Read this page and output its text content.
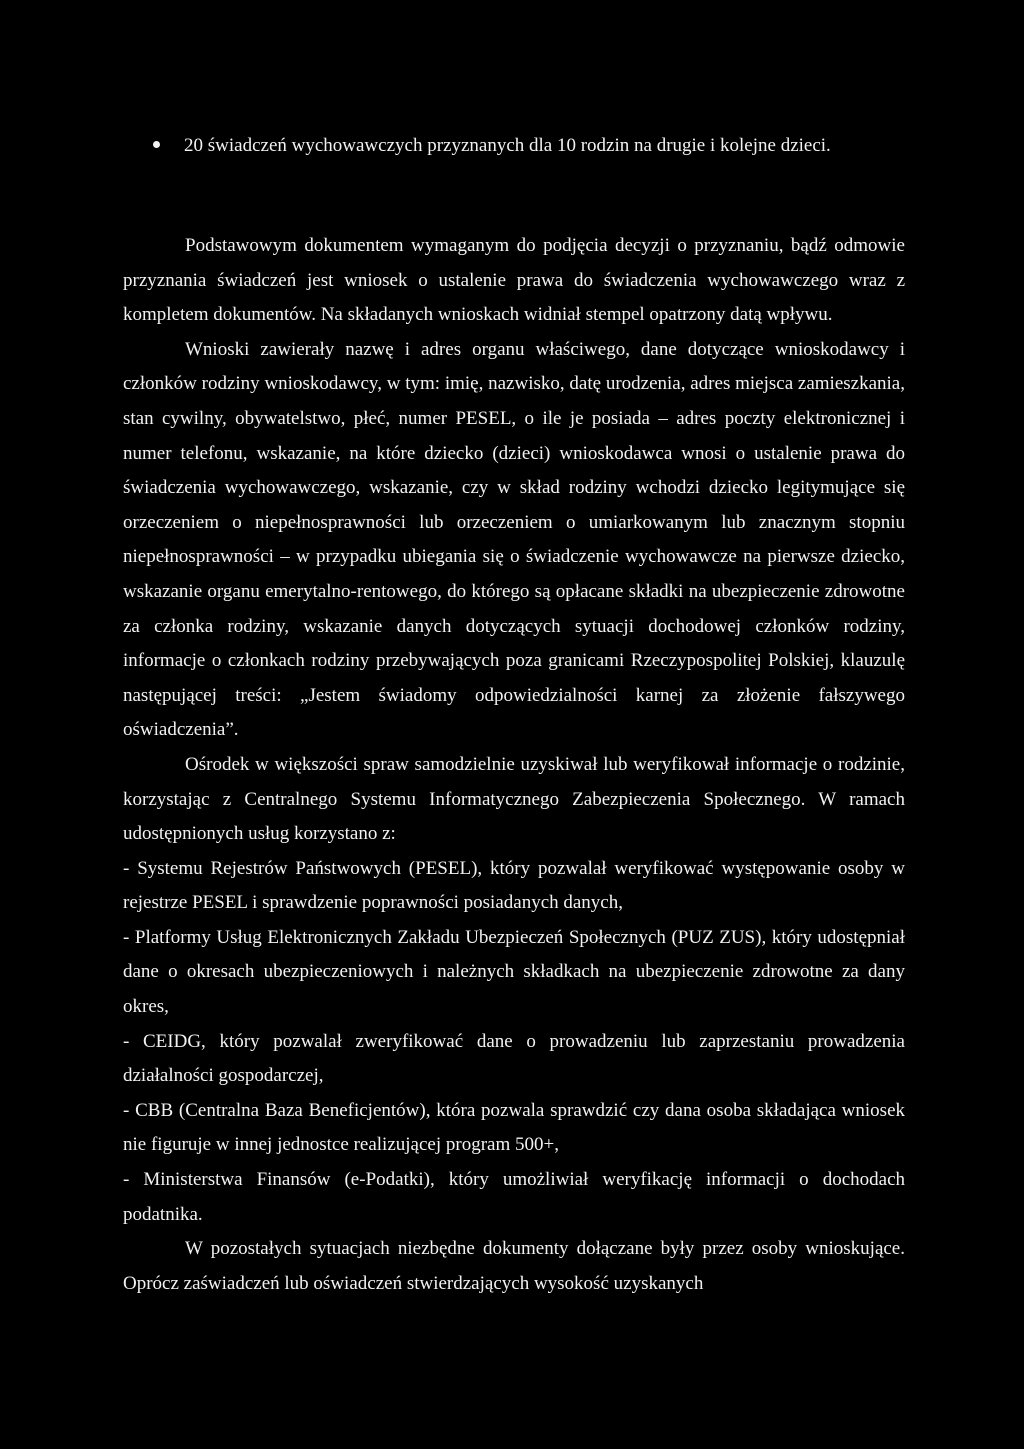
20 świadczeń wychowawczych przyznanych dla 10 rodzin na drugie i kolejne dzieci.

Podstawowym dokumentem wymaganym do podjęcia decyzji o przyznaniu, bądź odmowie przyznania świadczeń jest wniosek o ustalenie prawa do świadczenia wychowawczego wraz z kompletem dokumentów. Na składanych wnioskach widniał stempel opatrzony datą wpływu.

Wnioski zawierały nazwę i adres organu właściwego, dane dotyczące wnioskodawcy i członków rodziny wnioskodawcy, w tym: imię, nazwisko, datę urodzenia, adres miejsca zamieszkania, stan cywilny, obywatelstwo, płeć, numer PESEL, o ile je posiada – adres poczty elektronicznej i numer telefonu, wskazanie, na które dziecko (dzieci) wnioskodawca wnosi o ustalenie prawa do świadczenia wychowawczego, wskazanie, czy w skład rodziny wchodzi dziecko legitymujące się orzeczeniem o niepełnosprawności lub orzeczeniem o umiarkowanym lub znacznym stopniu niepełnosprawności – w przypadku ubiegania się o świadczenie wychowawcze na pierwsze dziecko, wskazanie organu emerytalno-rentowego, do którego są opłacane składki na ubezpieczenie zdrowotne za członka rodziny, wskazanie danych dotyczących sytuacji dochodowej członków rodziny, informacje o członkach rodziny przebywających poza granicami Rzeczypospolitej Polskiej, klauzulę następującej treści: „Jestem świadomy odpowiedzialności karnej za złożenie fałszywego oświadczenia”.

Ośrodek w większości spraw samodzielnie uzyskiwał lub weryfikował informacje o rodzinie, korzystając z Centralnego Systemu Informatycznego Zabezpieczenia Społecznego. W ramach udostępnionych usług korzystano z:

- Systemu Rejestrów Państwowych (PESEL), który pozwalał weryfikować występowanie osoby w rejestrze PESEL i sprawdzenie poprawności posiadanych danych,

- Platformy Usług Elektronicznych Zakładu Ubezpieczeń Społecznych (PUZ ZUS), który udostępniał dane o okresach ubezpieczeniowych i należnych składkach na ubezpieczenie zdrowotne za dany okres,

- CEIDG, który pozwalał zweryfikować dane o prowadzeniu lub zaprzestaniu prowadzenia działalności gospodarczej,

- CBB (Centralna Baza Beneficjentów), która pozwala sprawdzić czy dana osoba składająca wniosek nie figuruje w innej jednostce realizującej program 500+,

- Ministerstwa Finansów (e-Podatki), który umożliwiał weryfikację informacji o dochodach podatnika.

W pozostałych sytuacjach niezbędne dokumenty dołączane były przez osoby wnioskujące. Oprócz zaświadczeń lub oświadczeń stwierdzających wysokość uzyskanych
